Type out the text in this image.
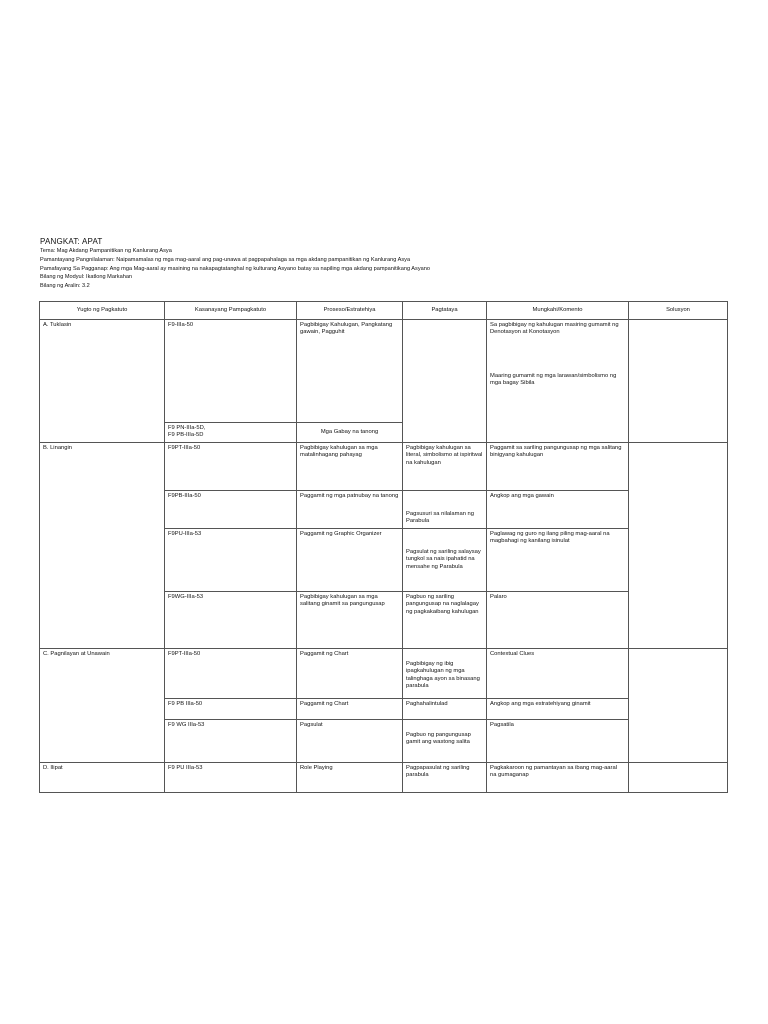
PANGKAT: APAT
Tema: Mag Akdang Pampanitikan ng Kanlurang Asya
Pamantayang Pangnilalaman: Naipamamalas ng mga mag-aaral ang pag-unawa at pagpapahalaga sa mga akdang pampanitikan ng Kanlurang Asya
Pamafayang Sa Pagganap: Ang mga Mag-aaral ay masining na nakapagtatanghal ng kulturang Asyano batay sa napiling mga akdang pampanitikang Asyano
Bilang ng Modyul: Ikatlong Markahan
Bilang ng Aralin: 3.2
Yugto ng Pagkatuto	Kasanayang Pampagkatuto	Proseso/Estratehiya	Pagtataya	Mungkahi/Komento	Solusyon
A. Tuklasin	F9-IIIa-50	Pagbibigay Kahulugan, Pangkatang gawain, Pagguhit		Sa pagbibigay ng kahulugan masiring gumamit ng Denotasyon at Konotasyon
Maaring gumamit ng mga larawan/simbolismo ng mga bagay Sibila	

	F9 PN-IIIa-5D,
F9 PB-IIIa-5D	Mga Gabay na tanong			
B. Linangin	F9PT-IIIa-50	Pagbibigay kahulugan sa mga matalinhagang pahayag	Pagbibigay kahulugan sa literal, simbolismo at ispiritwal na kahulugan	Paggamit sa sariling pangungusap ng mga salitang binigyang kahulugan	
	F9PB-IIIa-50	Paggamit ng mga patnubay na tanong	Pagsusuri sa nilalaman ng Parabula	Angkop ang mga gawain	
	F9PU-IIIa-53	Paggamit ng Graphic Organizer	Pagsulat ng sariling salaysay tungkol sa nais ipahatid na mensahe ng Parabula	Paglawag ng guro ng ilang piling mag-aaral na magbahagi ng kanilang isinulat	
	F9WG-IIIa-53	Pagbibigay kahulugan sa mga salitang ginamit sa pangungusap	Pagbuo ng sariling pangungusap na naglalagay ng pagkakaibang kahulugan	Palaro	
C. Pagnilayan at Unawain	F9PT-IIIa-50	Paggamit ng Chart	Pagbibigay ng ibig ipagkahulugan ng mga talinghaga ayon sa binasang parabula	Contextual Clues	
	F9 PB IIIa-50	Paggamit ng Chart	Paghahalintulad	Angkop ang mga estratehiyang ginamit	
	F9 WG IIIa-53	Pagsulat	Pagbuo ng pangungusap gamit ang wastong salita	Pagsatila	
D. Ilipat	F9 PU IIIa-53	Role Playing	Pagpapasulat ng sariling parabula	Pagkakaroon ng pamantayan sa ibang mag-aaral na gumaganap	
